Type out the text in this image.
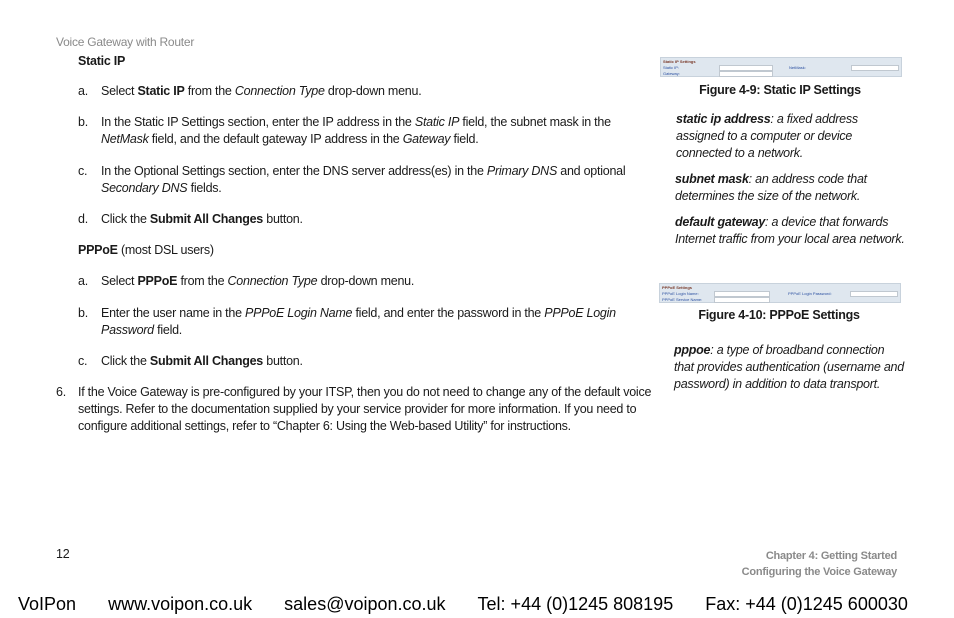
Voice Gateway with Router
Static IP
a. Select Static IP from the Connection Type drop-down menu.
b. In the Static IP Settings section, enter the IP address in the Static IP field, the subnet mask in the NetMask field, and the default gateway IP address in the Gateway field.
c. In the Optional Settings section, enter the DNS server address(es) in the Primary DNS and optional Secondary DNS fields.
d. Click the Submit All Changes button.
PPPoE (most DSL users)
a. Select PPPoE from the Connection Type drop-down menu.
b. Enter the user name in the PPPoE Login Name field, and enter the password in the PPPoE Login Password field.
c. Click the Submit All Changes button.
6. If the Voice Gateway is pre-configured by your ITSP, then you do not need to change any of the default voice settings. Refer to the documentation supplied by your service provider for more information. If you need to configure additional settings, refer to “Chapter 6: Using the Web-based Utility” for instructions.
Static IP Settings
Static IP:	NetMask:
Gateway:
Figure 4-9: Static IP Settings
static ip address: a fixed address assigned to a computer or device connected to a network.
subnet mask: an address code that determines the size of the network.
default gateway: a device that forwards Internet traffic from your local area network.
PPPoE Settings
PPPoE Login Name:	PPPoE Login Password:
PPPoE Service Name:
Figure 4-10: PPPoE Settings
pppoe: a type of broadband connection that provides authentication (username and password) in addition to data transport.
12	Chapter 4: Getting Started
Configuring the Voice Gateway
VoIPon www.voipon.co.uk sales@voipon.co.uk Tel: +44 (0)1245 808195 Fax: +44 (0)1245 600030
